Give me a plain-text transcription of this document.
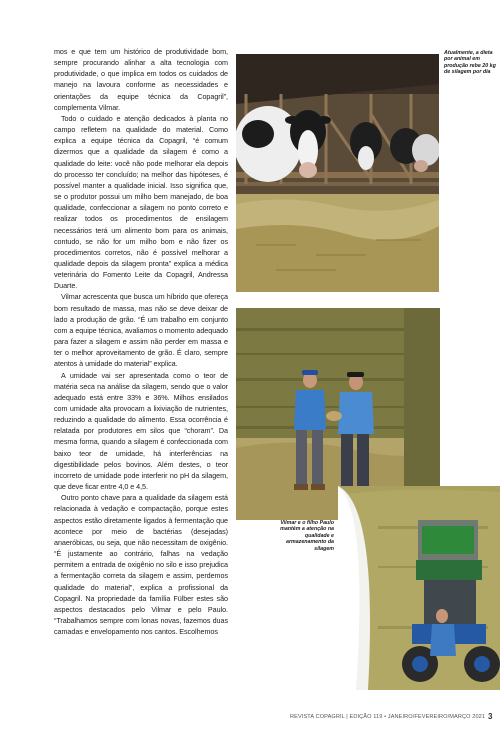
mos e que tem um histórico de produtividade bom, sempre procurando alinhar a alta tecnologia com produtividade, o que implica em todos os cuidados de manejo na lavoura conforme as necessidades e orientações da equipe técnica da Copagril”, complementa Vilmar.

Todo o cuidado e atenção dedicados à planta no campo refletem na qualidade do material. Como explica a equipe técnica da Copagril, “é comum dizermos que a qualidade da silagem é como a qualidade do leite: você não pode melhorar ela depois do processo ter concluído; na melhor das hipóteses, é possível manter a qualidade inicial. Isso significa que, se o produtor possui um milho bem manejado, de boa qualidade, confeccionar a silagem no ponto correto e realizar todos os procedimentos de ensilagem necessários terá um alimento bom para os animais, contudo, se não for um milho bom e não fizer os procedimentos corretos, não é possível melhorar a qualidade depois da silagem pronta” explica a médica veterinária do Fomento Leite da Copagril, Andressa Duarte.

Vilmar acrescenta que busca um híbrido que ofereça bom resultado de massa, mas não se deve deixar de lado a produção de grão. “É um trabalho em conjunto com a equipe técnica, avaliamos o momento adequado para fazer a silagem e assim não perder em massa e ter o melhor aproveitamento de grão. É claro, sempre atentos à umidade do material” explica.

A umidade vai ser apresentada como o teor de matéria seca na análise da silagem, sendo que o valor adequado está entre 33% e 36%. Milhos ensilados com umidade alta provocam a lixiviação de nutrientes, reduzindo a qualidade do alimento. Essa ocorrência é relatada por produtores em silos que “choram”. Da mesma forma, quando a silagem é confeccionada com baixo teor de umidade, há interferências na digestibilidade pelos bovinos. Além destes, o teor incorreto de umidade pode interferir no pH da silagem, que deve ficar entre 4,0 e 4,5.

Outro ponto chave para a qualidade da silagem está relacionada à vedação e compactação, porque estes aspectos estão diretamente ligados à fermentação que acontece por meio de bactérias (desejadas) anaeróbicas, ou seja, que não necessitam de oxigênio. “É justamente ao contrário, falhas na vedação permitem a entrada de oxigênio no silo e isso prejudica a fermentação correta da silagem e assim, perdemos qualidade do material”, explica a profissional da Copagril. Na propriedade da família Fülber estes são aspectos destacados pelo Vilmar e pelo Paulo. “Trabalhamos sempre com lonas novas, fazemos duas camadas e envelopamento nos cantos. Escolhemos

Atualmente, a dieta por animal em produção rebe 20 kg de silagem por dia
Vilmar e o filho Paulo mantém a atenção na qualidade e armazenamento da silagem
REVISTA COPAGRIL | EDIÇÃO 119 • JANEIRO/FEVEREIRO/MARÇO 2021 3
